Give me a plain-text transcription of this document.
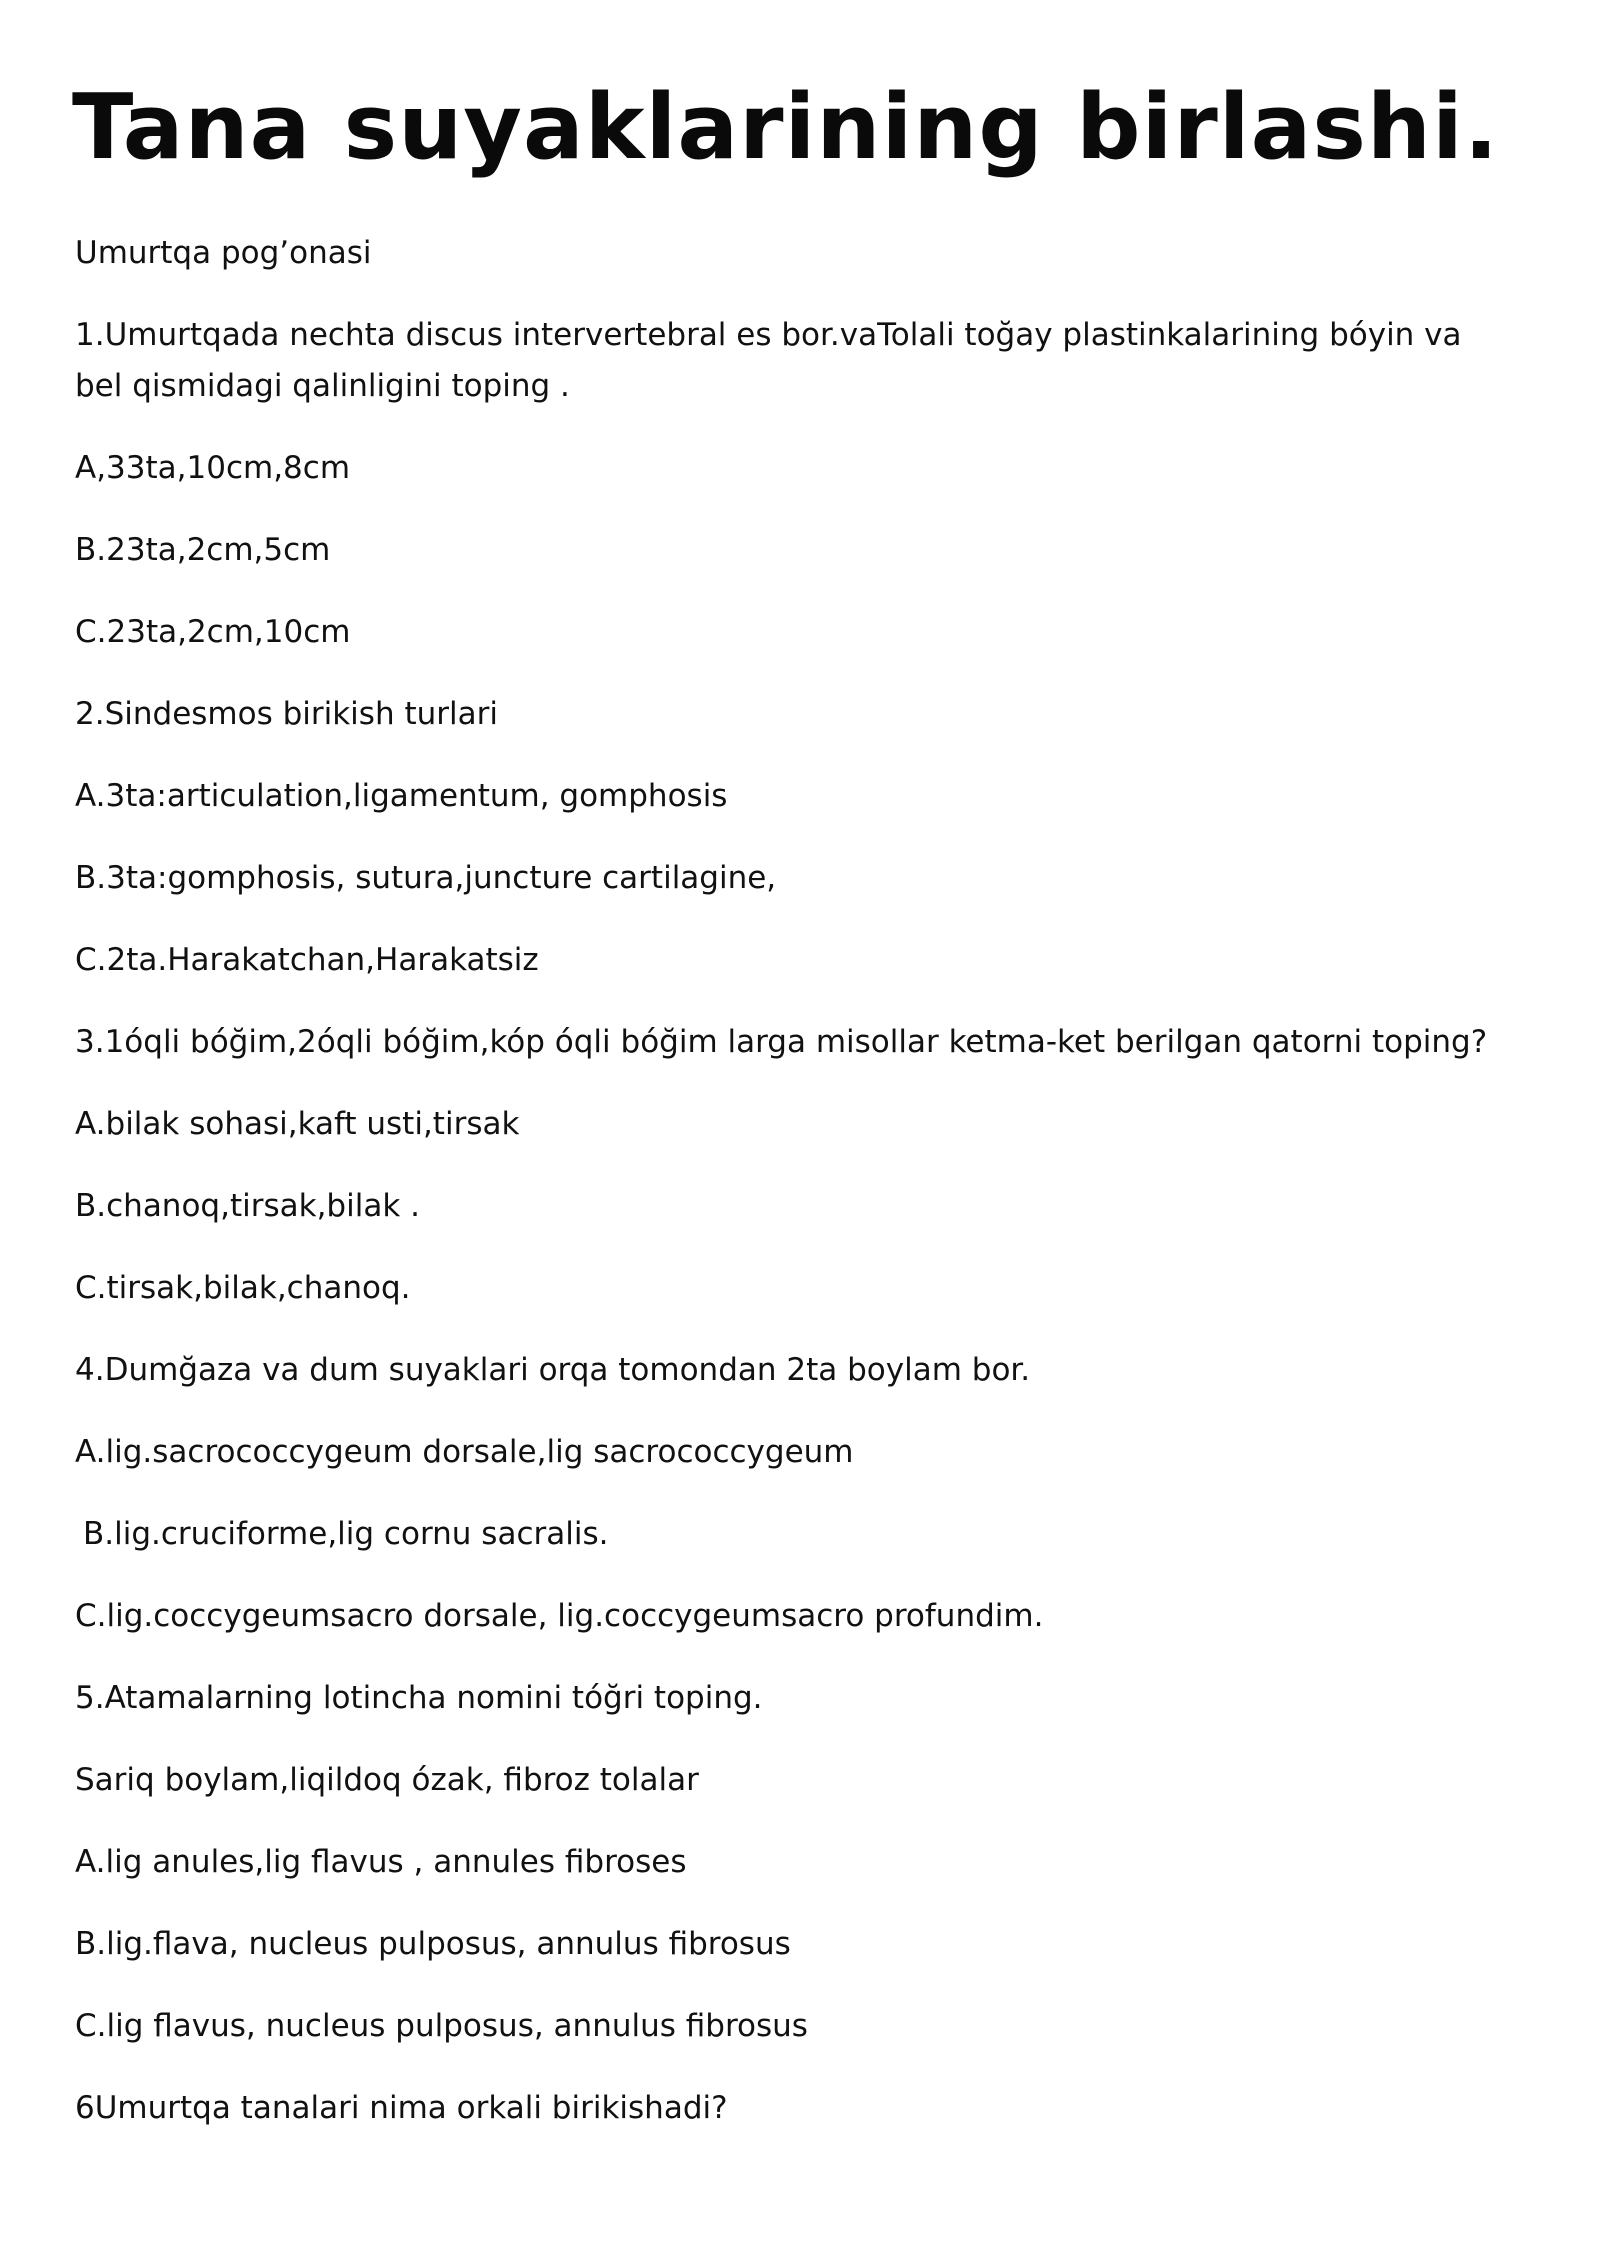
Tana suyaklarining birlashi.

Umurtqa pog’onasi

1.Umurtqada nechta discus intervertebral es bor.vaTolali toğay plastinkalarining bóyin va bel qismidagi qalinligini toping .

A,33ta,10cm,8cm

B.23ta,2cm,5cm

C.23ta,2cm,10cm

2.Sindesmos birikish turlari

A.3ta:articulation,ligamentum, gomphosis

B.3ta:gomphosis, sutura,juncture cartilagine,

C.2ta.Harakatchan,Harakatsiz

3.1óqli bóğim,2óqli bóğim,kóp óqli bóğim larga misollar ketma-ket berilgan qatorni toping?

A.bilak sohasi,kaft usti,tirsak

B.chanoq,tirsak,bilak .

C.tirsak,bilak,chanoq.

4.Dumğaza va dum suyaklari orqa tomondan 2ta boylam bor.

A.lig.sacrococcygeum dorsale,lig sacrococcygeum

B.lig.cruciforme,lig cornu sacralis.

C.lig.coccygeumsacro dorsale, lig.coccygeumsacro profundim.

5.Atamalarning lotincha nomini tóğri toping.

Sariq boylam,liqildoq ózak, fibroz tolalar

A.lig anules,lig flavus , annules fibroses

B.lig.flava, nucleus pulposus, annulus fibrosus

C.lig flavus, nucleus pulposus, annulus fibrosus

6Umurtqa tanalari nima orkali birikishadi?
